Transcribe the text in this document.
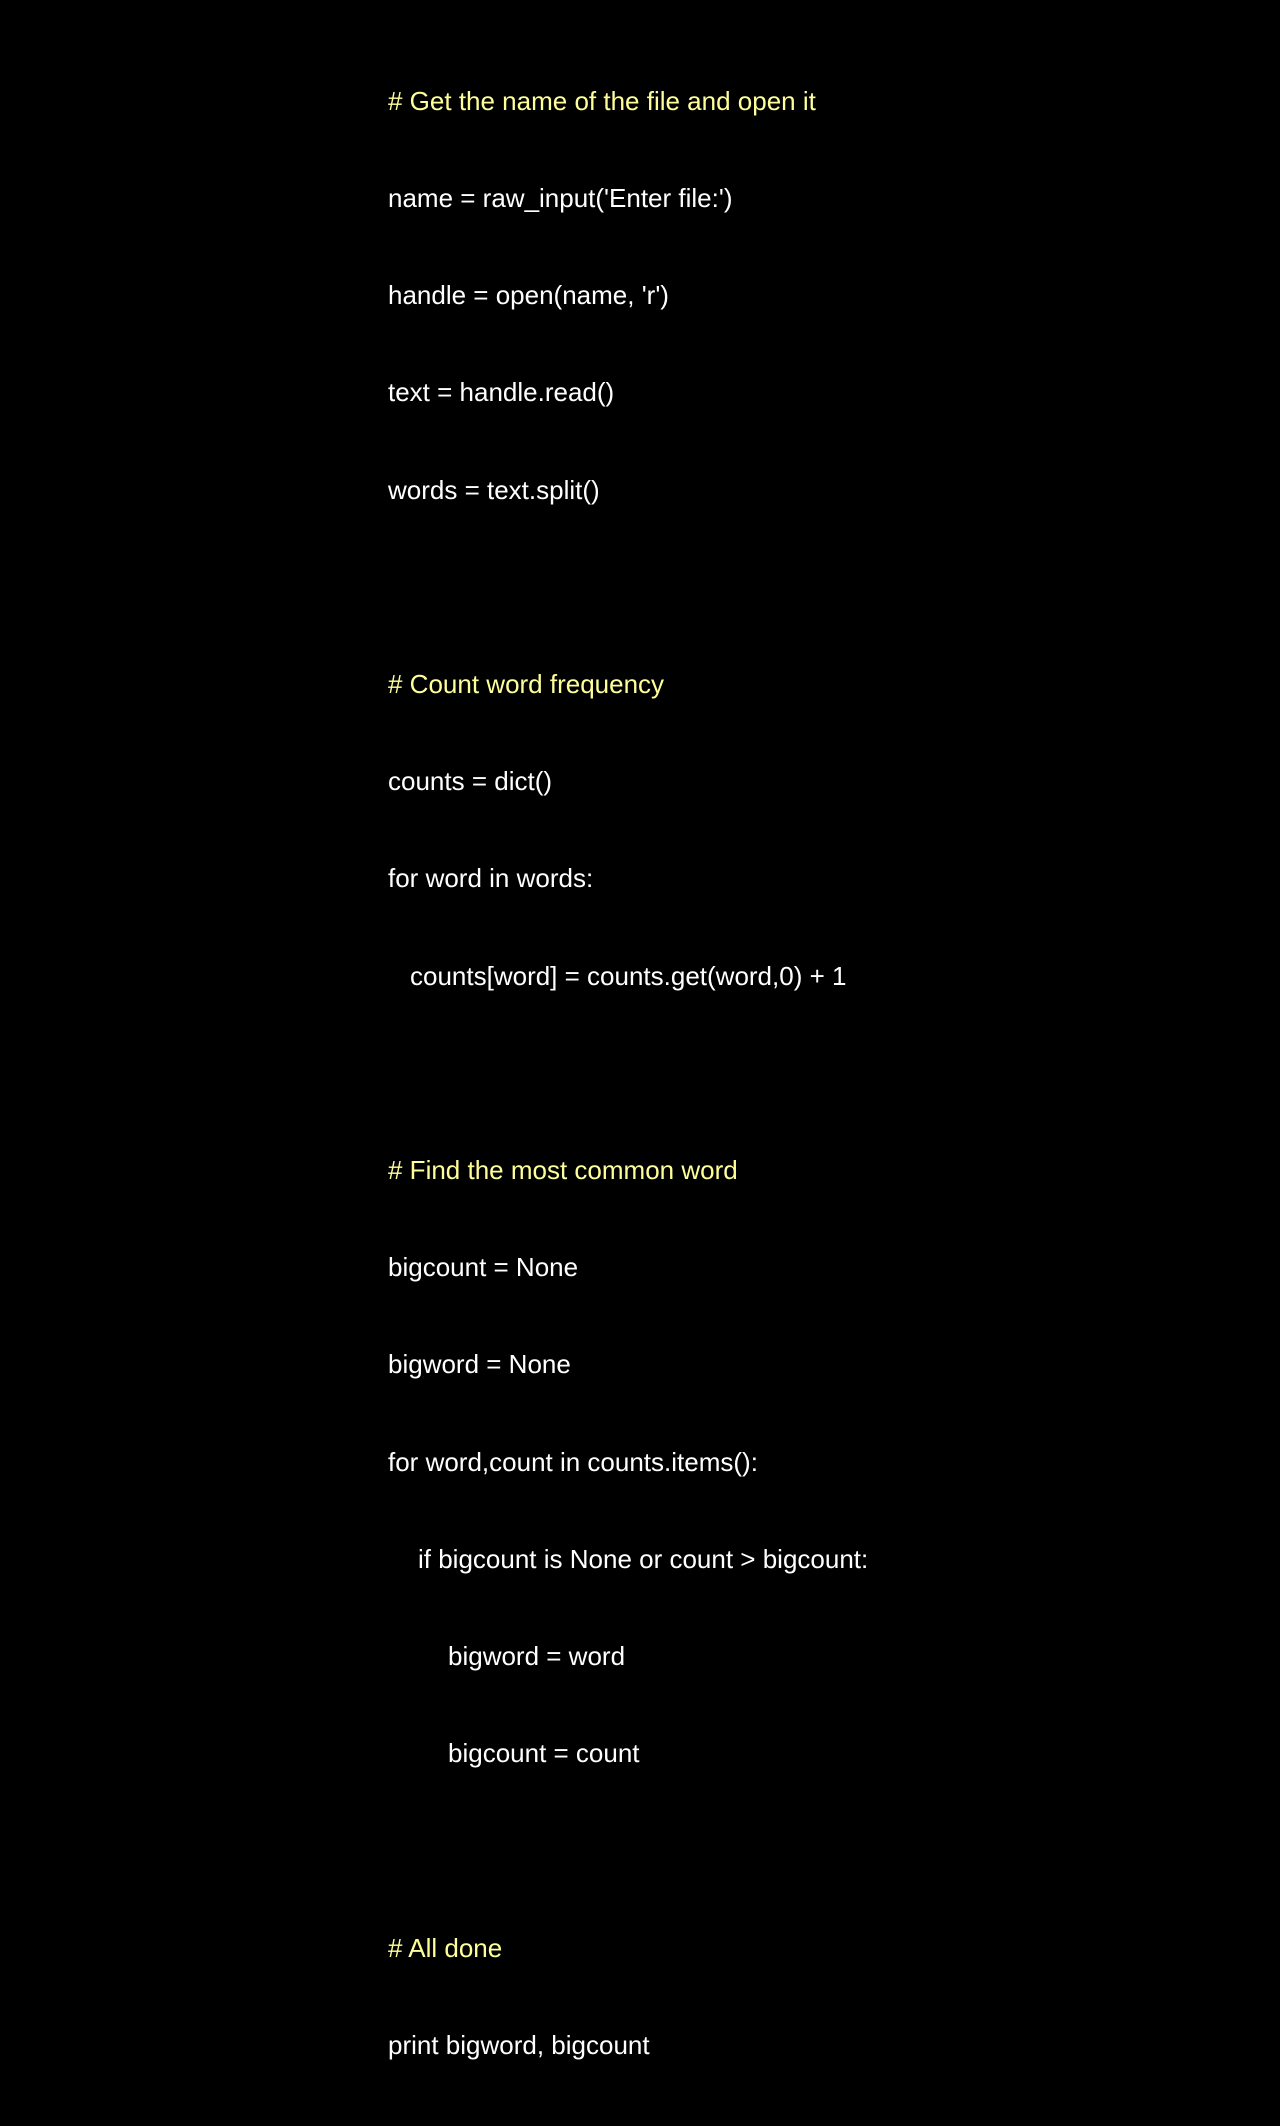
# Get the name of the file and open it

name = raw_input('Enter file:')

handle = open(name, 'r')

text = handle.read()

words = text.split()

# Count word frequency

counts = dict()

for word in words:

counts[word] = counts.get(word,0) + 1

# Find the most common word

bigcount = None

bigword = None

for word,count in counts.items():

if bigcount is None or count > bigcount:

bigword = word

bigcount = count

# All done

print bigword, bigcount
